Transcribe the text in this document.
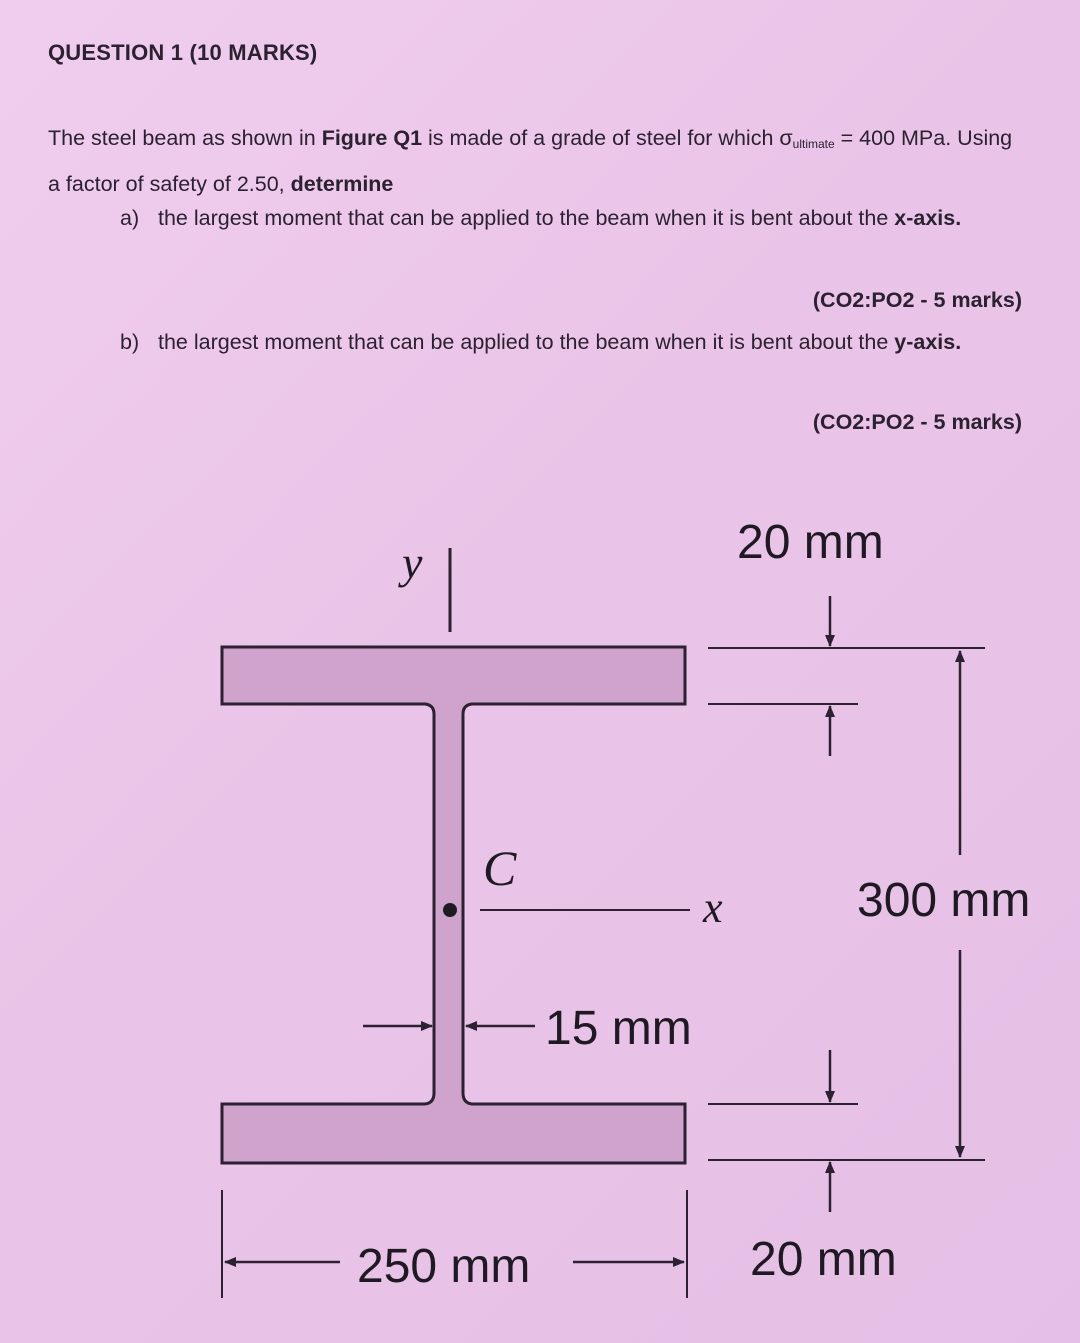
QUESTION 1 (10 MARKS)
The steel beam as shown in Figure Q1 is made of a grade of steel for which $\sigma_{ultimate} = 400$ MPa. Using a factor of safety of 2.50, determine
a) the largest moment that can be applied to the beam when it is bent about the x-axis.
(CO2:PO2 - 5 marks)
b) the largest moment that can be applied to the beam when it is bent about the y-axis.
(CO2:PO2 - 5 marks)
y
C
x
20 mm
20 mm
300 mm
15 mm
250 mm
